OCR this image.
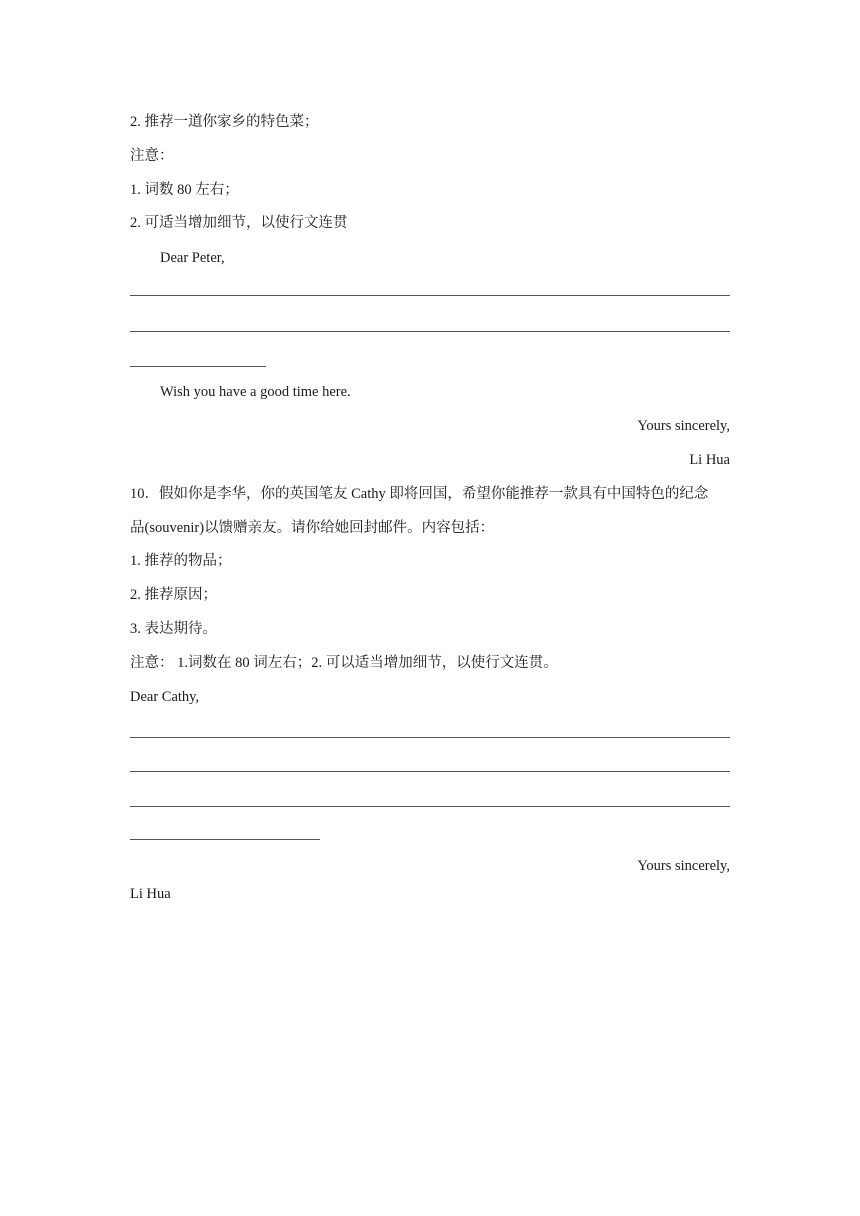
2. 推荐一道你家乡的特色菜；
注意：
1. 词数 80 左右；
2. 可适当增加细节，以使行文连贯
Dear Peter,
Wish you have a good time here.
Yours sincerely,
Li Hua
10．假如你是李华，你的英国笔友 Cathy 即将回国，希望你能推荐一款具有中国特色的纪念
品(souvenir)以馈赠亲友。请你给她回封邮件。内容包括：
1. 推荐的物品；
2. 推荐原因；
3. 表达期待。
注意： 1.词数在 80 词左右；2. 可以适当增加细节，以使行文连贯。
Dear Cathy,
Yours sincerely,
Li Hua
